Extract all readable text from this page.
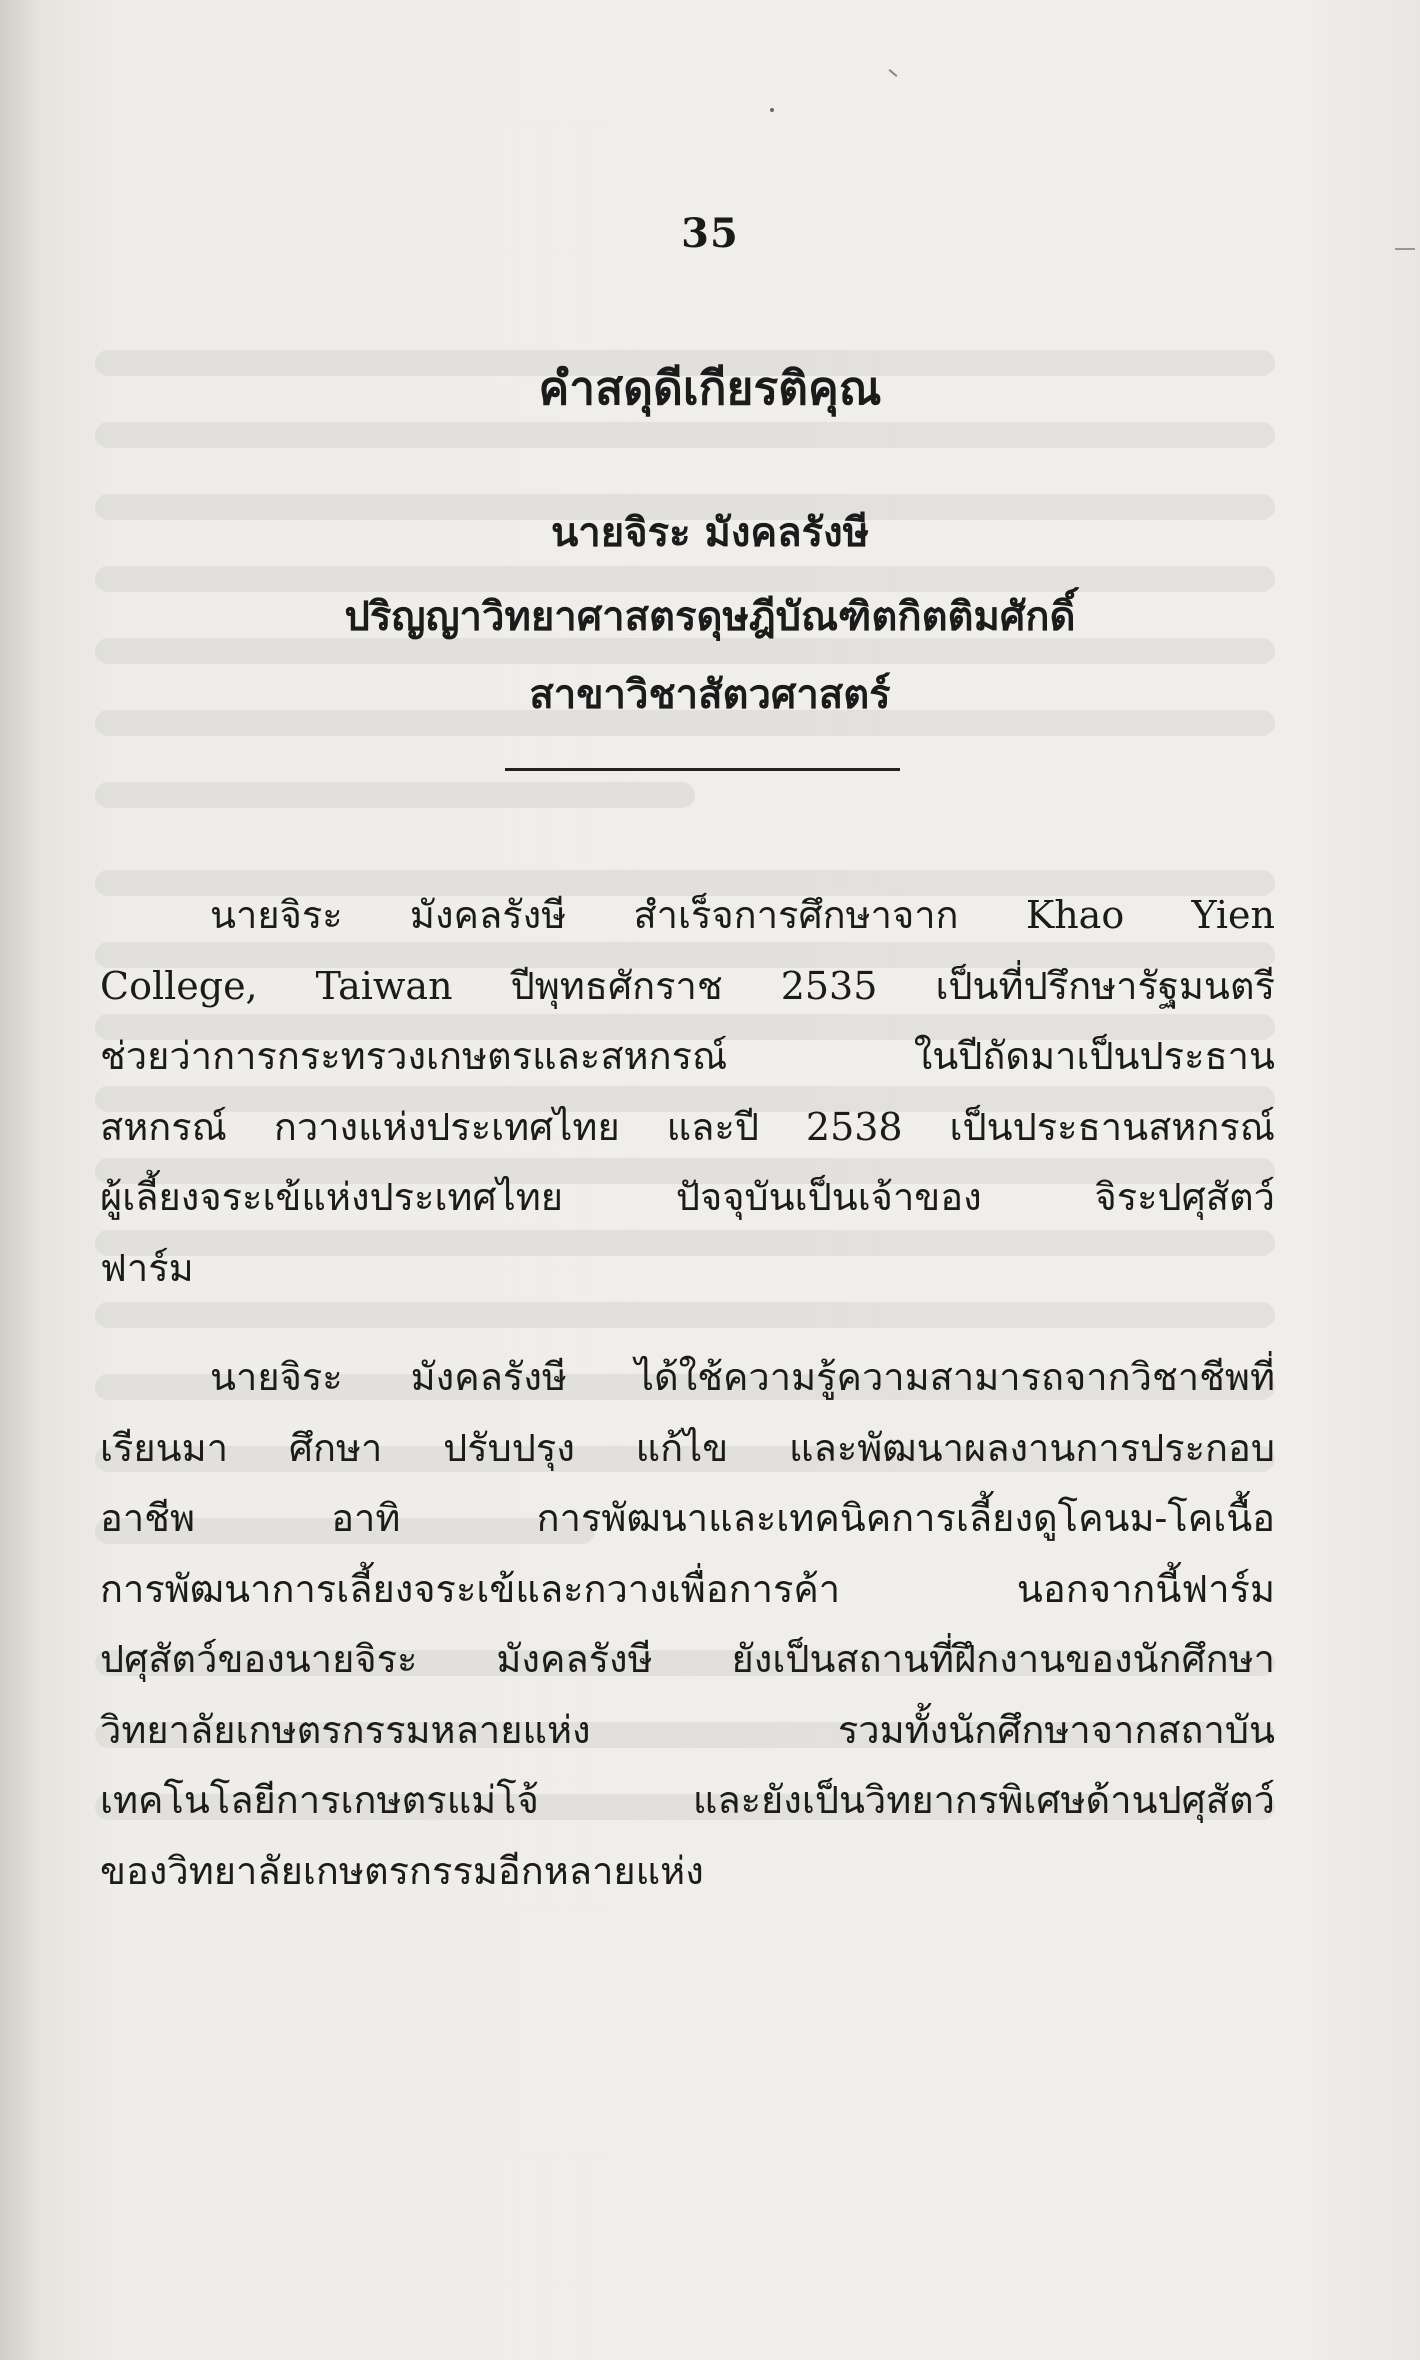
35
คำสดุดีเกียรติคุณ
นายจิระ มังคลรังษี
ปริญญาวิทยาศาสตรดุษฎีบัณฑิตกิตติมศักดิ์
สาขาวิชาสัตวศาสตร์
นายจิระ มังคลรังษี สำเร็จการศึกษาจาก Khao Yien
College, Taiwan ปีพุทธศักราช 2535 เป็นที่ปรึกษารัฐมนตรี
ช่วยว่าการกระทรวงเกษตรและสหกรณ์ ในปีถัดมาเป็นประธาน
สหกรณ์ กวางแห่งประเทศไทย และปี 2538 เป็นประธานสหกรณ์
ผู้เลี้ยงจระเข้แห่งประเทศไทย ปัจจุบันเป็นเจ้าของ จิระปศุสัตว์
ฟาร์ม
นายจิระ มังคลรังษี ได้ใช้ความรู้ความสามารถจากวิชาชีพที่
เรียนมา ศึกษา ปรับปรุง แก้ไข และพัฒนาผลงานการประกอบ
อาชีพ อาทิ การพัฒนาและเทคนิคการเลี้ยงดูโคนม-โคเนื้อ
การพัฒนาการเลี้ยงจระเข้และกวางเพื่อการค้า นอกจากนี้ฟาร์ม
ปศุสัตว์ของนายจิระ มังคลรังษี ยังเป็นสถานที่ฝึกงานของนักศึกษา
วิทยาลัยเกษตรกรรมหลายแห่ง รวมทั้งนักศึกษาจากสถาบัน
เทคโนโลยีการเกษตรแม่โจ้ และยังเป็นวิทยากรพิเศษด้านปศุสัตว์
ของวิทยาลัยเกษตรกรรมอีกหลายแห่ง
